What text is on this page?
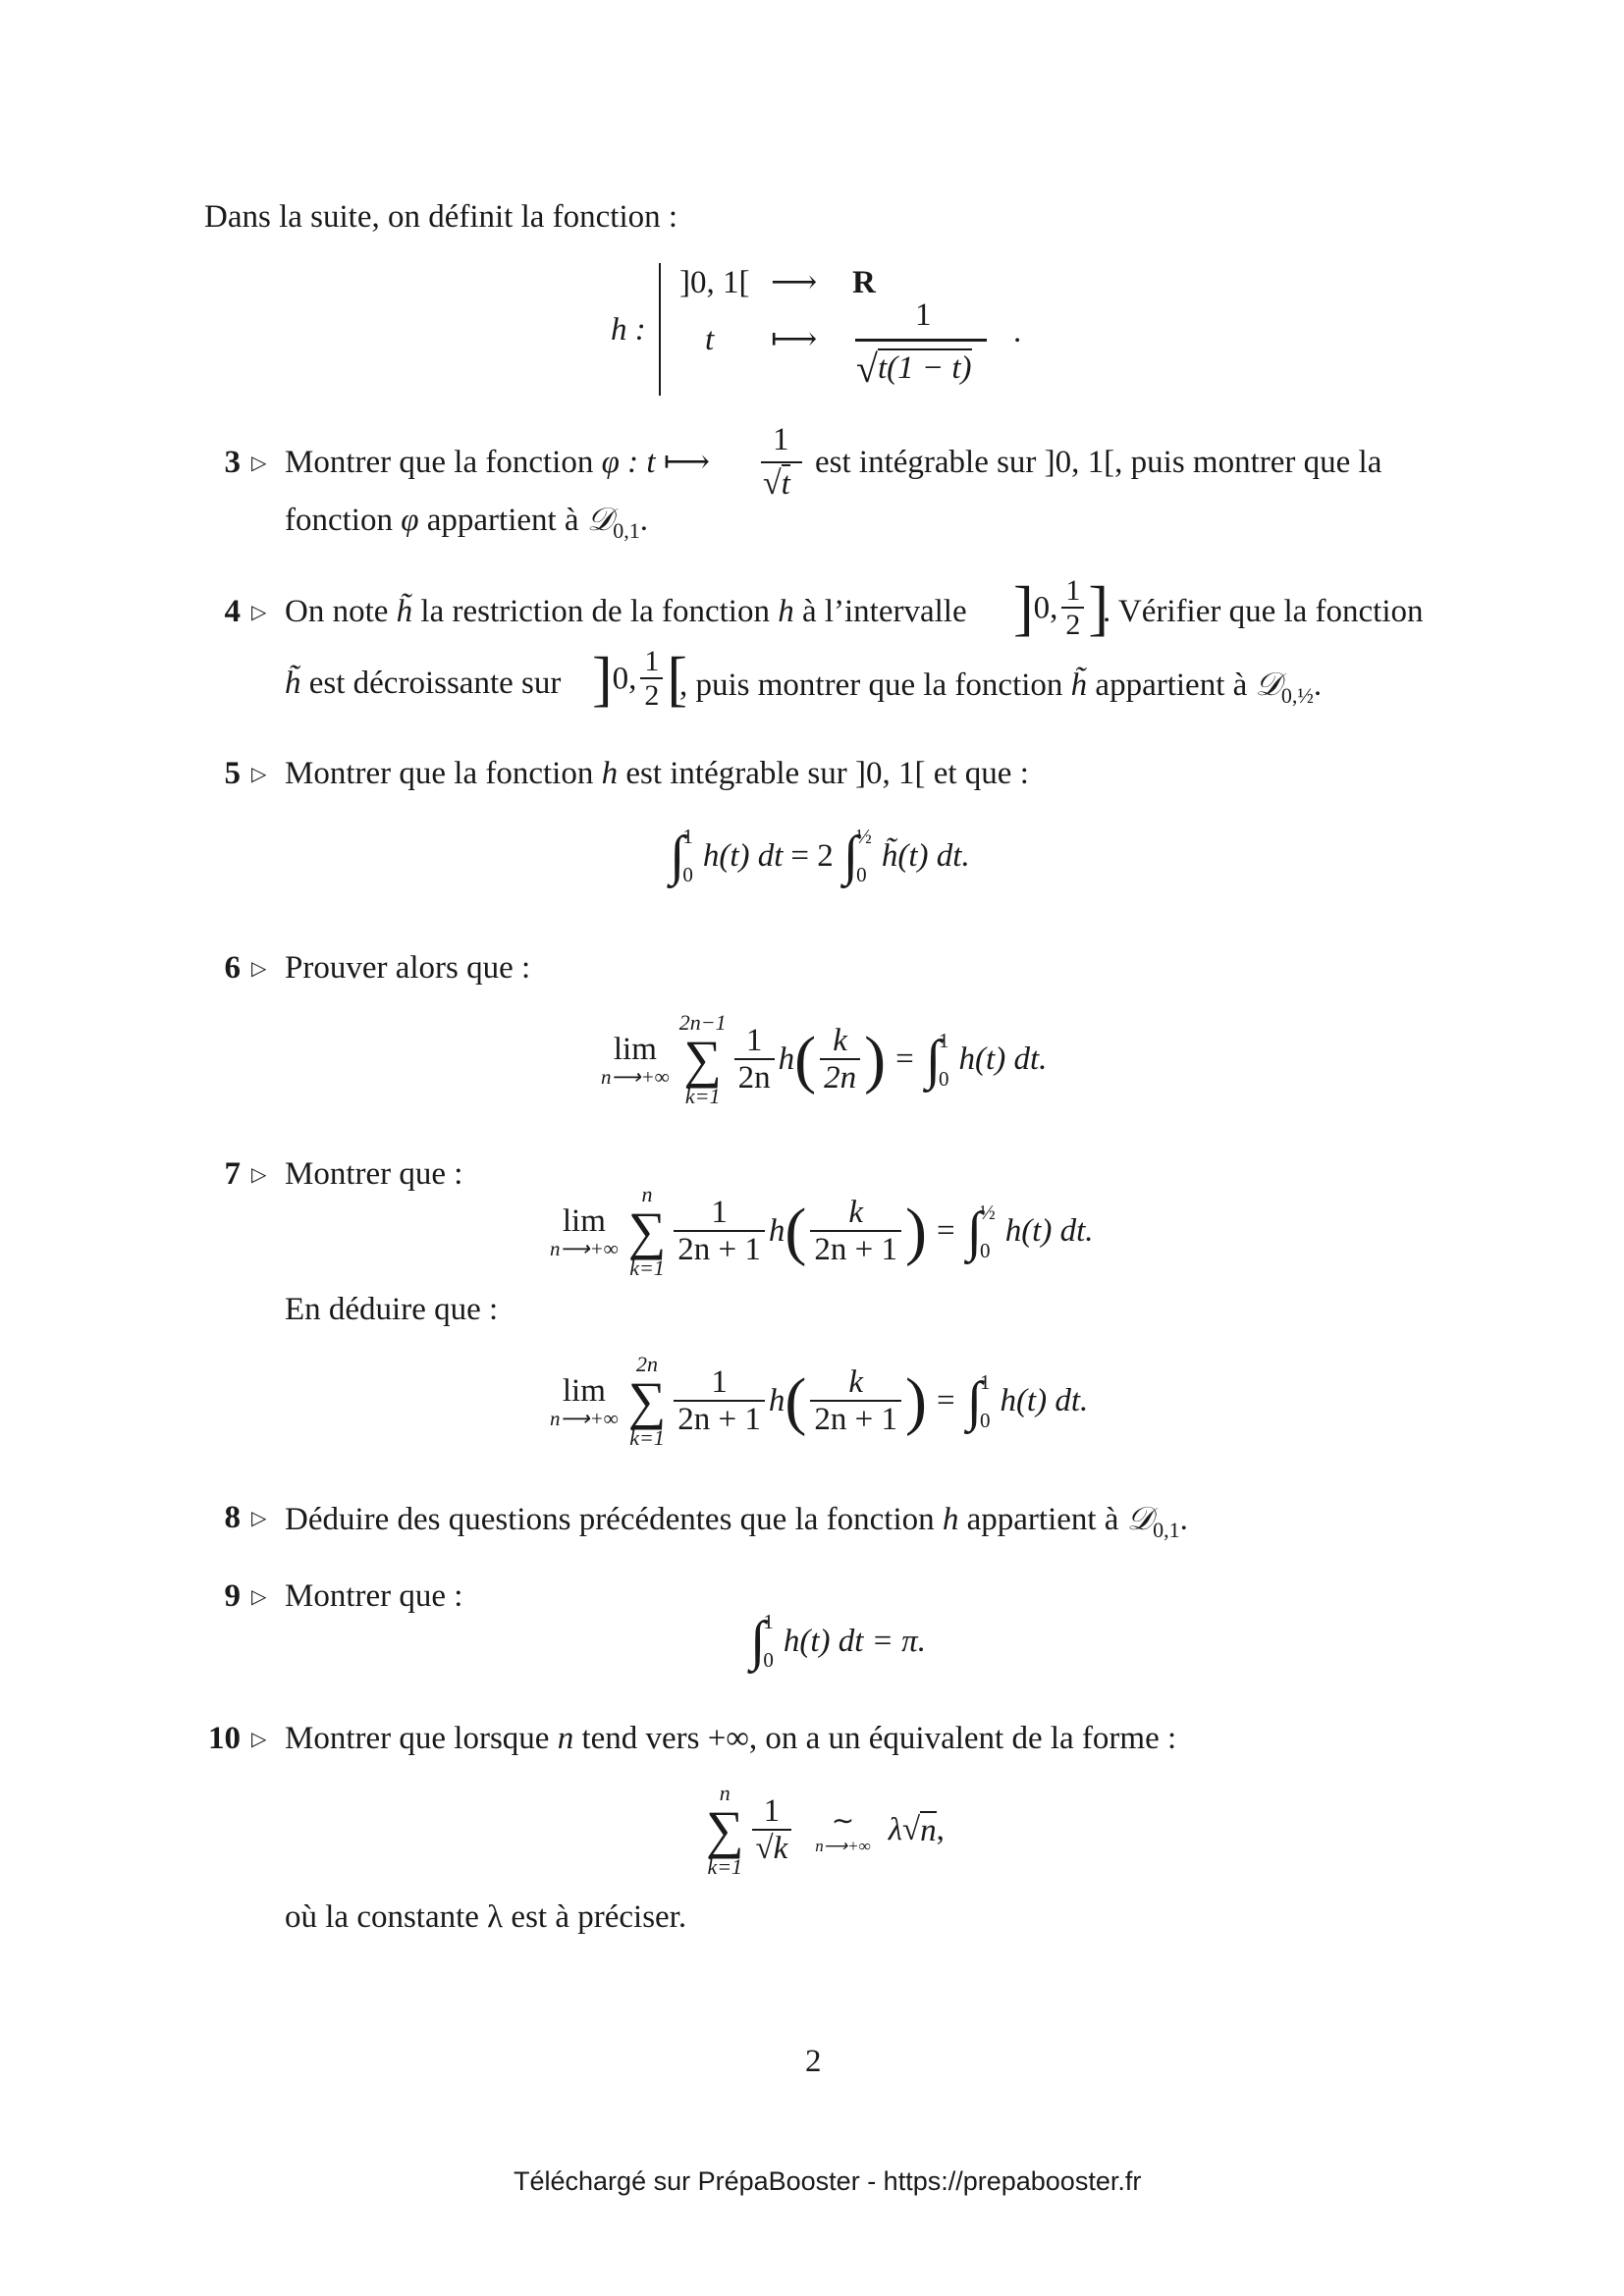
Dans la suite, on définit la fonction :
h :
]0, 1[ ⟶ R
t ⟼
1
√t(1 − t)
.
3 ▷ Montrer que la fonction φ : t ⟼
1
√t
est intégrable sur ]0, 1[, puis montrer que la
fonction φ appartient à 𝒟$_{0,1}$.
4 ▷ On note h̃ la restriction de la fonction h à l’intervalle ]0, $\frac{1}{2}$ ]
. Vérifier que la fonction
h̃ est décroissante sur ]0, $\frac{1}{2}$ [
, puis montrer que la fonction h̃ appartient à 𝒟$_{0,\frac{1}{2}}$.
5 ▷ Montrer que la fonction h est intégrable sur ]0, 1[ et que :
∫
1
0
h(t) dt = 2 ∫
½
0
h̃(t) dt.
6 ▷ Prouver alors que :
lim
n⟶+∞
2n−1
∑
$k=1 \frac{1}{2n}$ h ( $\frac{k}{2n}$ ) = ∫
1
0
h(t) dt.
7 ▷ Montrer que :
lim
n⟶+∞
n
∑
$k=1 \frac{1}{2n + 1}$ h ( $\frac{k}{2n + 1}$ ) = ∫
½
0
h(t) dt.
En déduire que :
lim
n⟶+∞
2n
∑
$k=1 \frac{1}{2n + 1}$ h ( $\frac{k}{2n + 1}$ ) = ∫
1
0
h(t) dt.
8 ▷ Déduire des questions précédentes que la fonction h appartient à 𝒟$_{0,1}$.
9 ▷ Montrer que :
∫
1
0
h(t) dt = π.
10 ▷ Montrer que lorsque n tend vers +∞, on a un équivalent de la forme :
n
∑
$k=1 \frac{1}{√k}$ ∼
n⟶+∞ λ √ n ,
où la constante λ est à préciser.
2
Téléchargé sur PrépaBooster - https://prepabooster.fr
